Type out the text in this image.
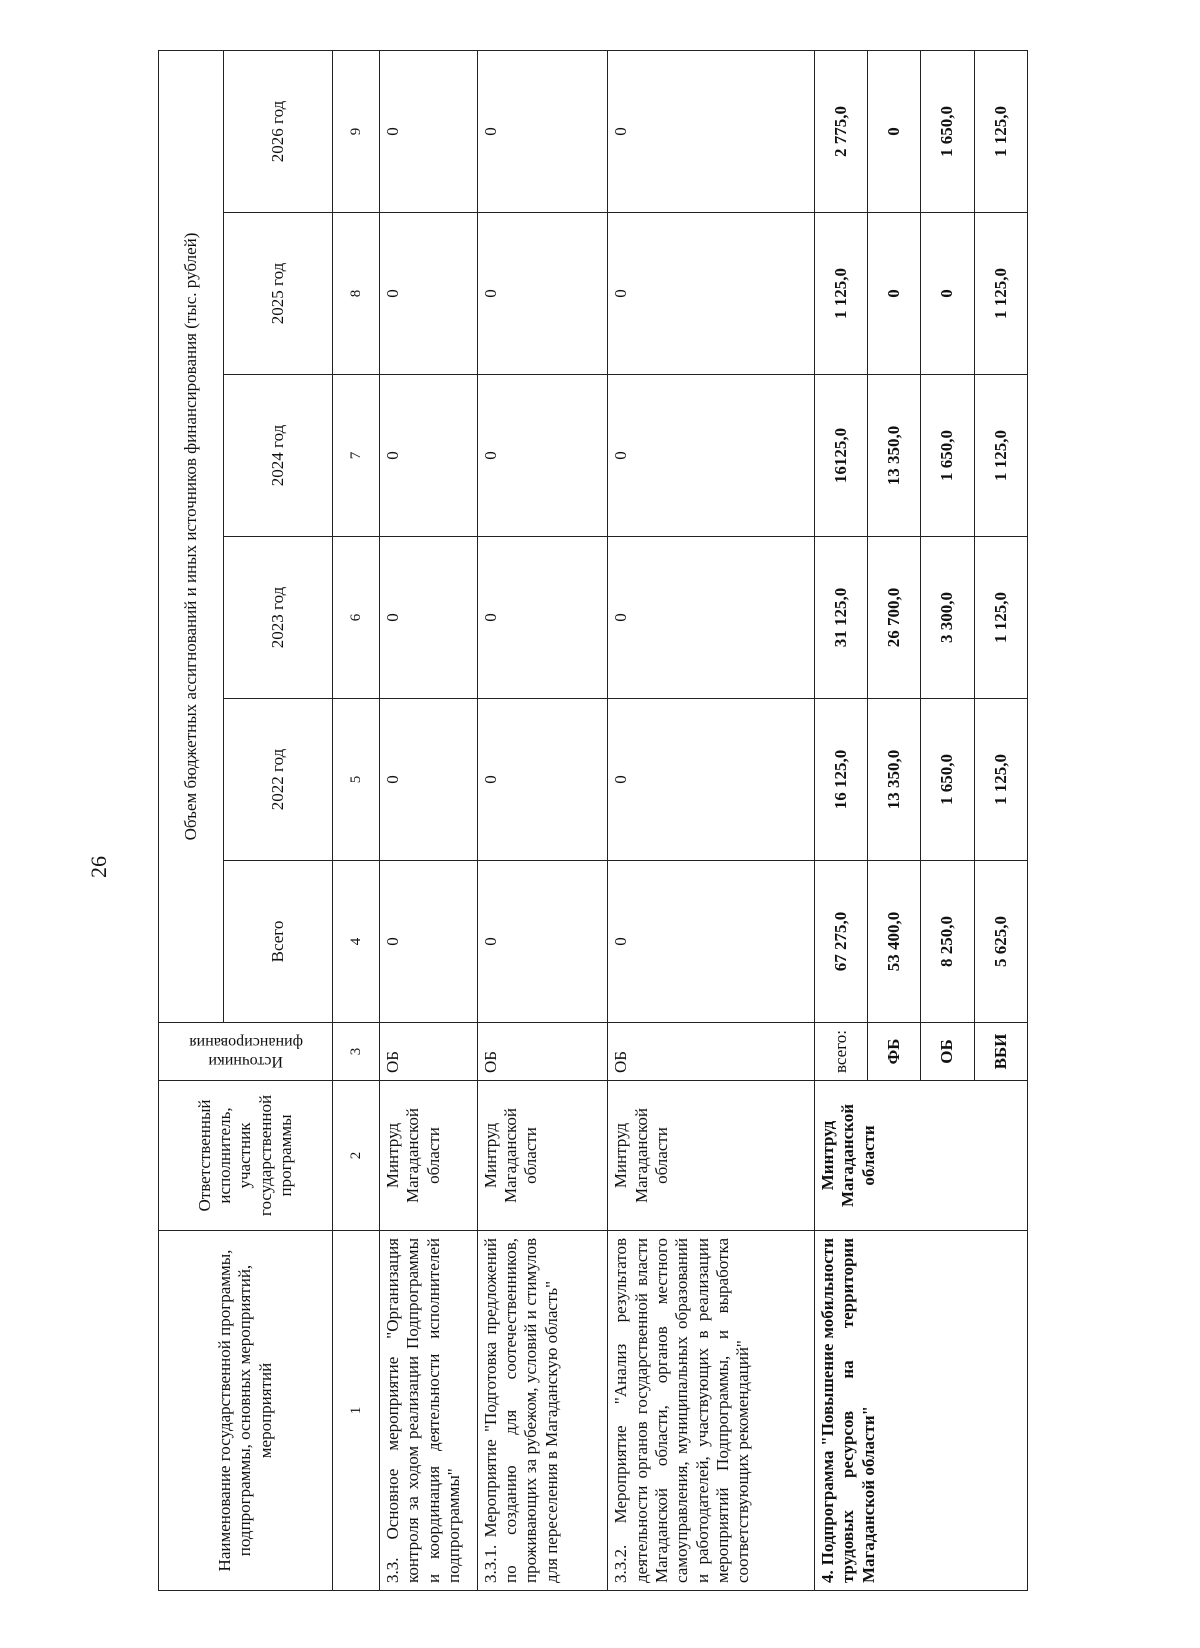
26
Наименование государственной программы, подпрограммы, основных мероприятий, мероприятий	Ответственный исполнитель, участник государственной программы	Источники финансирования	Объем бюджетных ассигнований и иных источников финансирования (тыс. рублей)					
			Всего	2022 год	2023 год	2024 год	2025 год	2026 год
1	2	3	4	5	6	7	8	9
3.3. Основное мероприятие "Организация контроля за ходом реализации Подпрограммы и координация деятельности исполнителей подпрограммы"	Минтруд Магаданской области	ОБ	0	0	0	0	0	0
3.3.1. Мероприятие "Подготовка предложений по созданию для соотечественников, проживающих за рубежом, условий и стимулов для переселения в Магаданскую область"	Минтруд Магаданской области	ОБ	0	0	0	0	0	0
3.3.2. Мероприятие "Анализ результатов деятельности органов государственной власти Магаданской области, органов местного самоуправления, муниципальных образований и работодателей, участвующих в реализации мероприятий Подпрограммы, и выработка соответствующих рекомендаций"	Минтруд Магаданской области	ОБ	0	0	0	0	0	0
4. Подпрограмма "Повышение мобильности трудовых ресурсов на территории Магаданской области"	Минтруд Магаданской области	всего:	67 275,0	16 125,0	31 125,0	16125,0	1 125,0	2 775,0
		ФБ	53 400,0	13 350,0	26 700,0	13 350,0	0	0
		ОБ	8 250,0	1 650,0	3 300,0	1 650,0	0	1 650,0
		ВБИ	5 625,0	1 125,0	1 125,0	1 125,0	1 125,0	1 125,0
